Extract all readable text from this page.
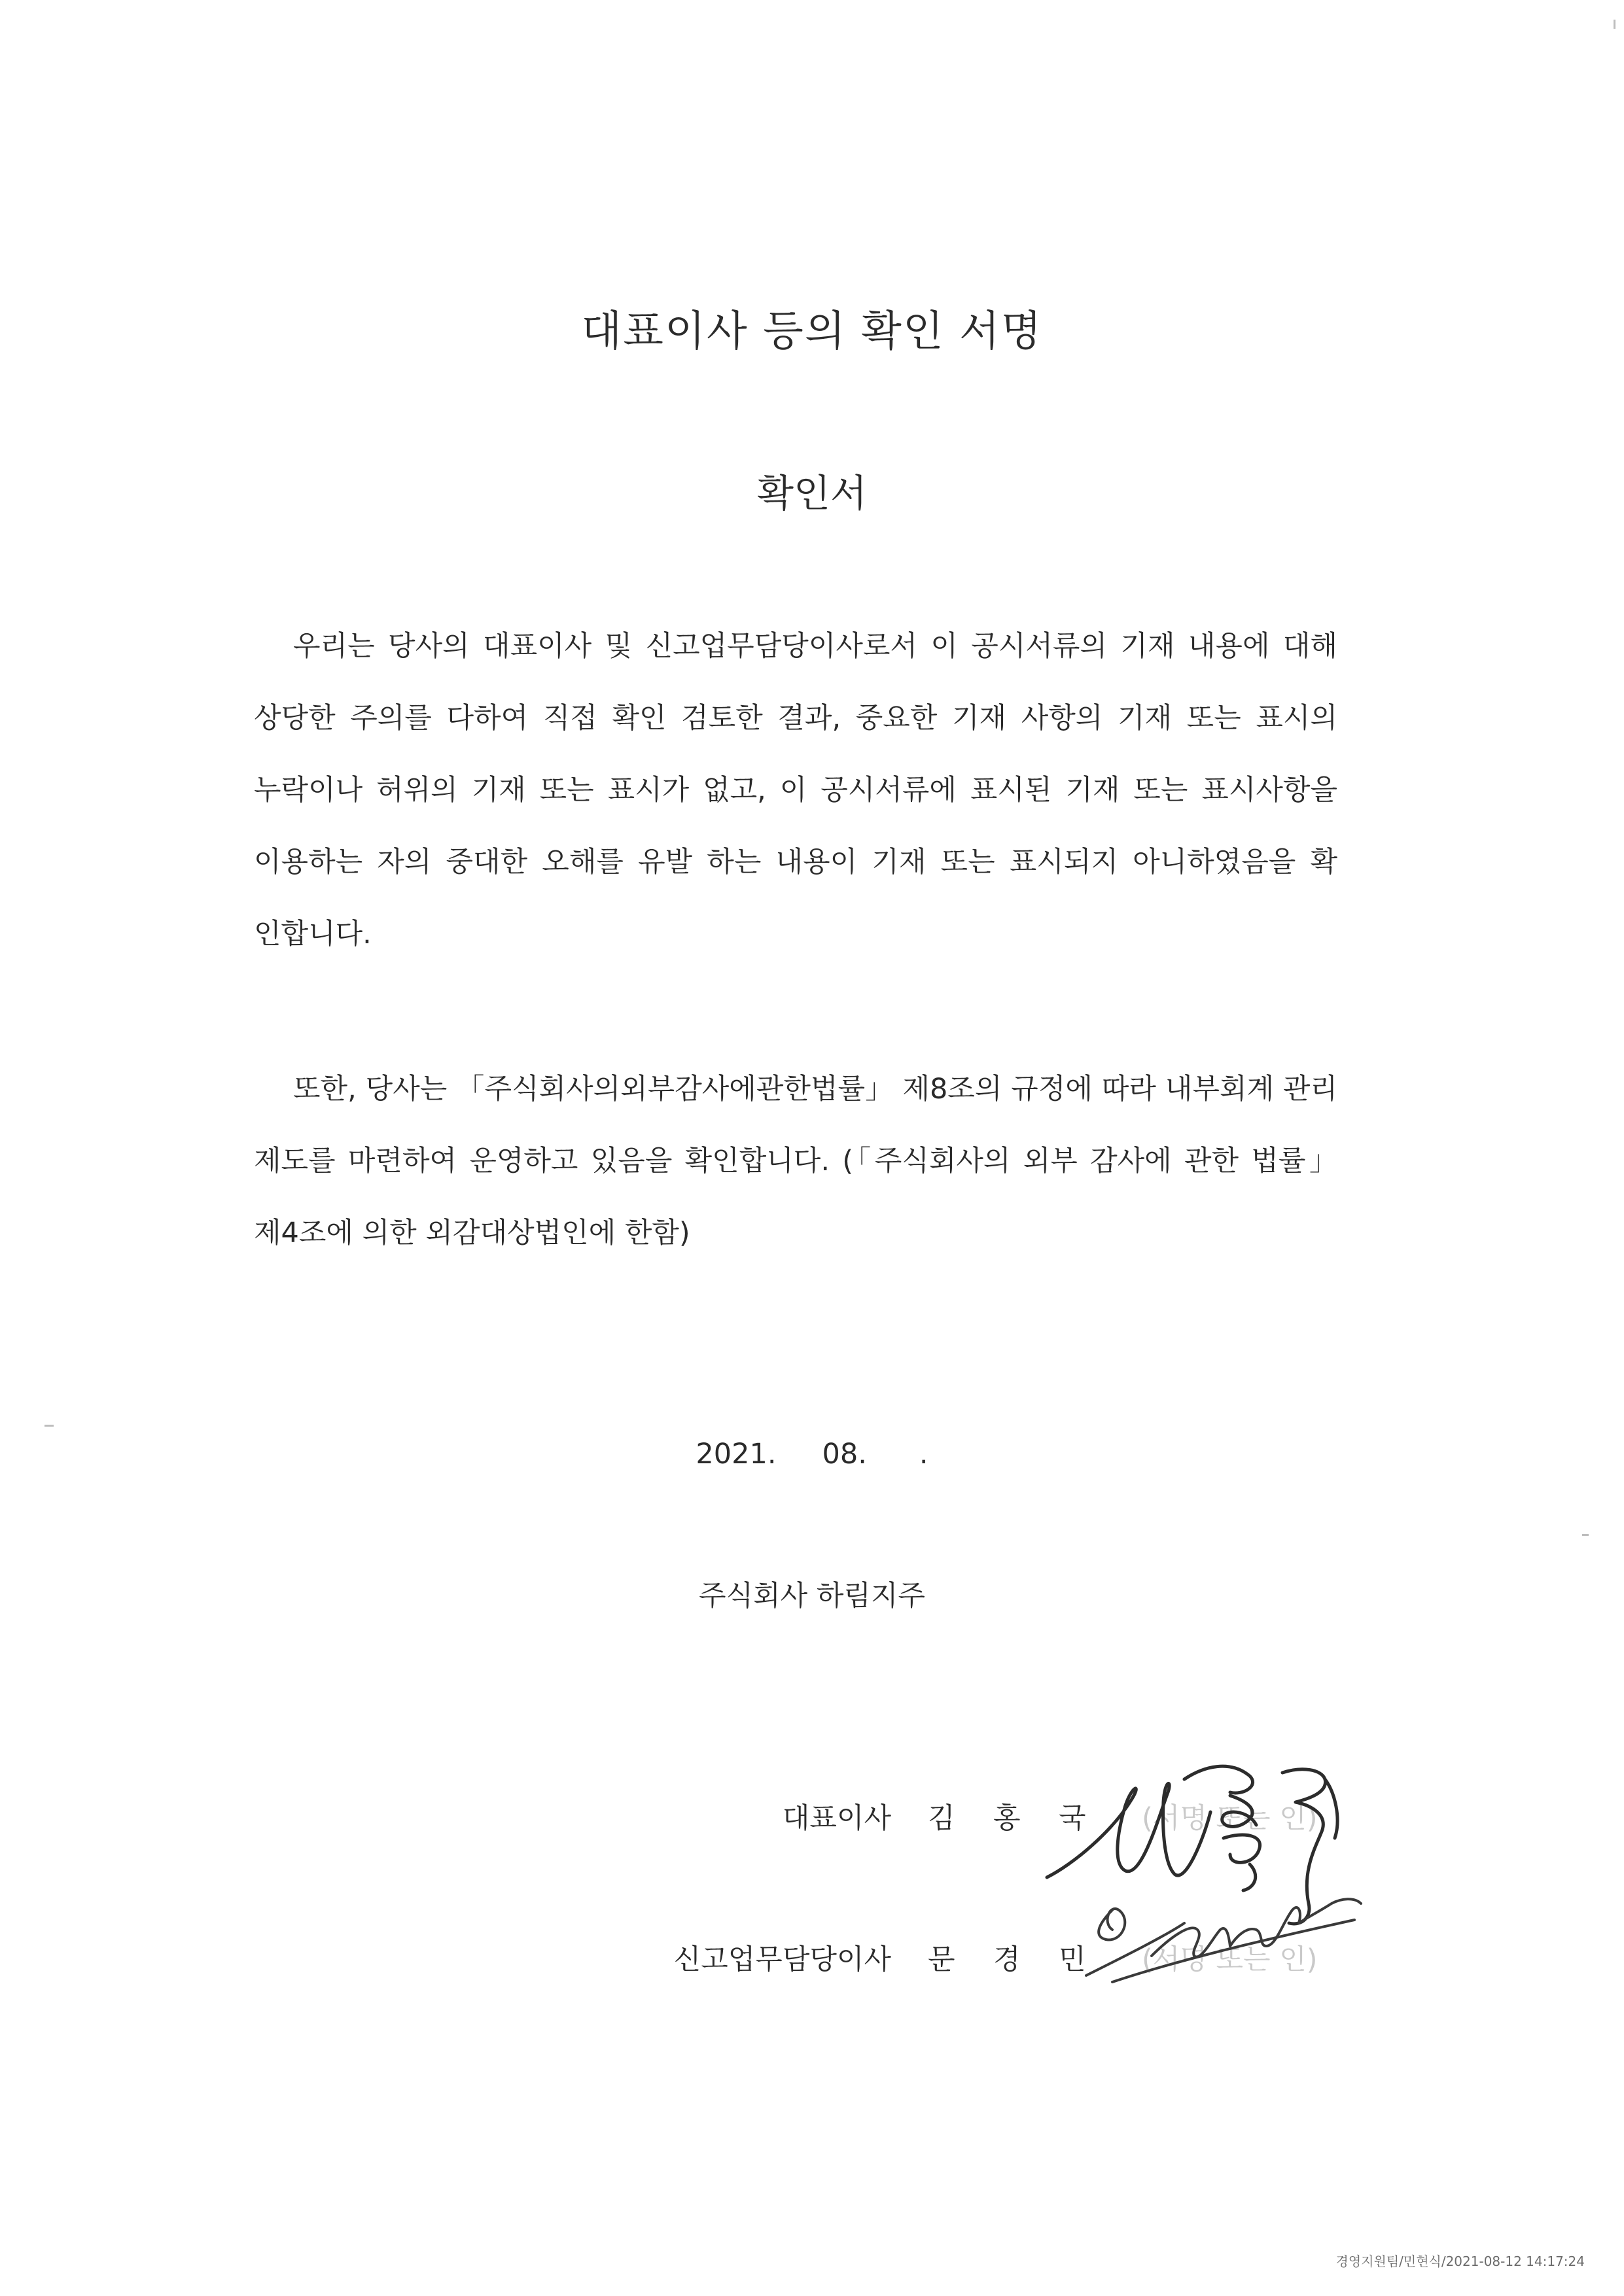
대표이사 등의 확인 서명
확인서
우리는 당사의 대표이사 및 신고업무담당이사로서 이 공시서류의 기재 내용에 대해
상당한 주의를 다하여 직접 확인 검토한 결과, 중요한 기재 사항의 기재 또는 표시의
누락이나 허위의 기재 또는 표시가 없고, 이 공시서류에 표시된 기재 또는 표시사항을
이용하는 자의 중대한 오해를 유발 하는 내용이 기재 또는 표시되지 아니하였음을 확
인합니다.
또한, 당사는 「주식회사의외부감사에관한법률」 제8조의 규정에 따라 내부회계 관리
제도를 마련하여 운영하고 있음을 확인합니다. (「주식회사의 외부 감사에 관한 법률」
제4조에 의한 외감대상법인에 한함)
2021. 08. .
주식회사 하림지주
대표이사 김 홍 국 (서명 또는 인)
신고업무담당이사 문 경 민 (서명 또는 인)
경영지원팀/민현식/2021-08-12 14:17:24
